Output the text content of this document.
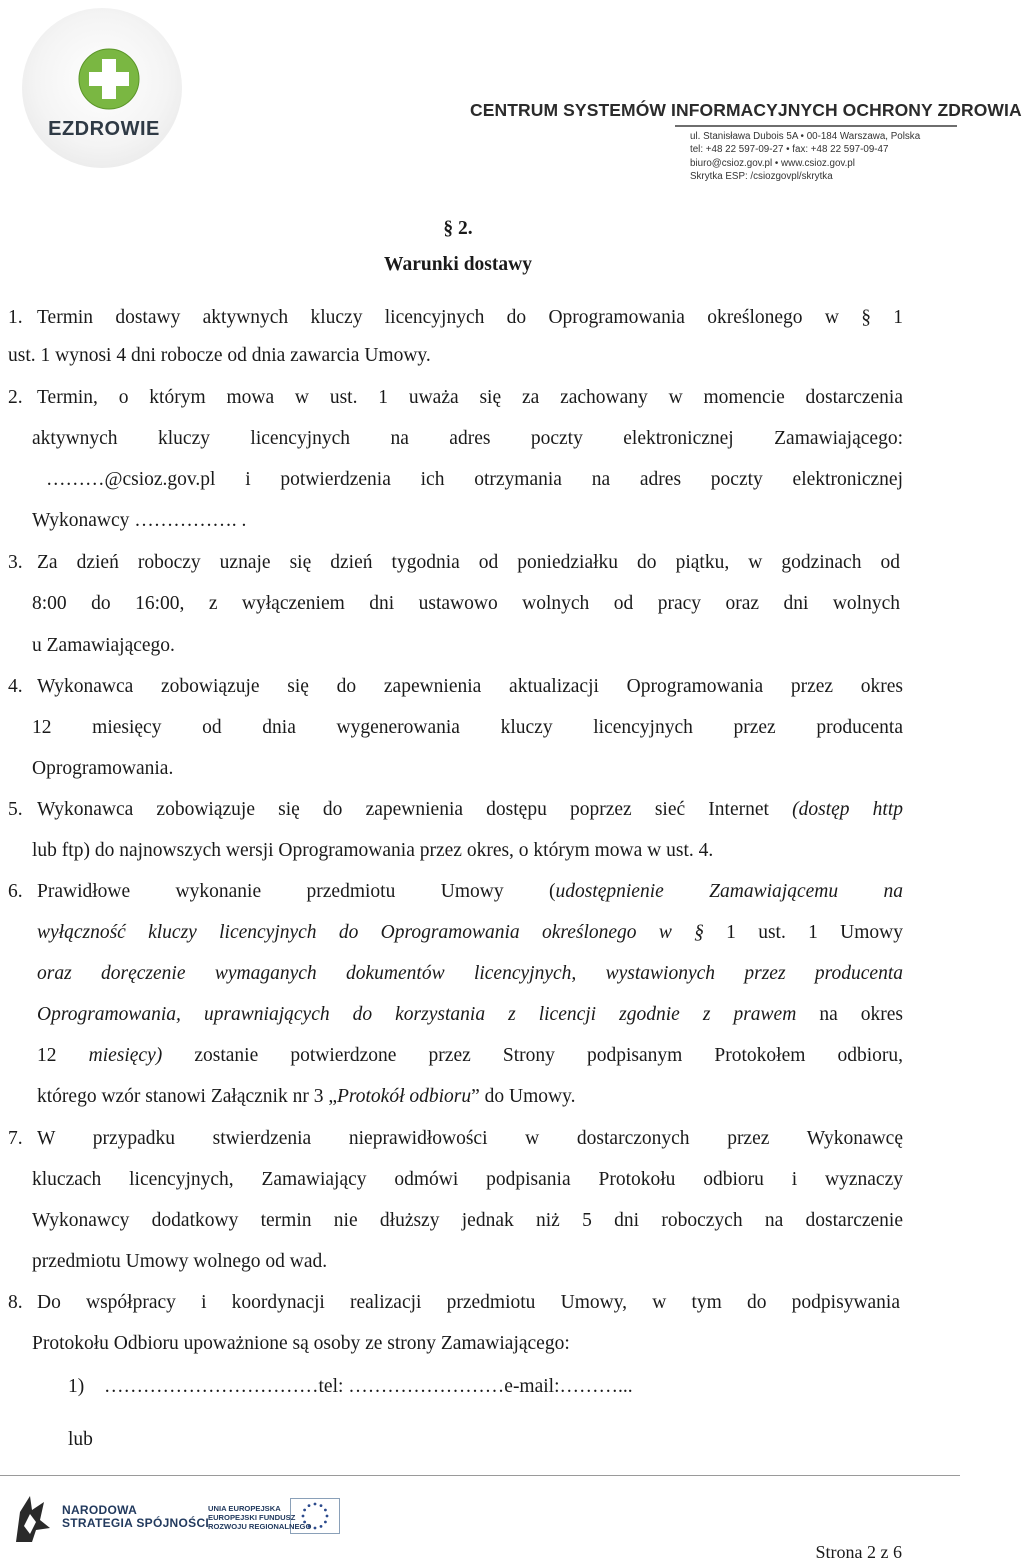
EZDROWIE
CENTRUM SYSTEMÓW INFORMACYJNYCH OCHRONY ZDROWIA
ul. Stanisława Dubois 5A • 00-184 Warszawa, Polska
tel: +48 22 597-09-27 • fax: +48 22 597-09-47
biuro@csioz.gov.pl • www.csioz.gov.pl
Skrytka ESP: /csiozgovpl/skrytka
§ 2.
Warunki dostawy
1. Termin dostawy aktywnych kluczy licencyjnych do Oprogramowania określonego w § 1
ust. 1 wynosi 4 dni robocze od dnia zawarcia Umowy.
2. Termin, o którym mowa w ust. 1 uważa się za zachowany w momencie dostarczenia
aktywnych kluczy licencyjnych na adres poczty elektronicznej Zamawiającego:
………@csioz.gov.pl i potwierdzenia ich otrzymania na adres poczty elektronicznej
Wykonawcy ……………. .
3. Za dzień roboczy uznaje się dzień tygodnia od poniedziałku do piątku, w godzinach od
8:00 do 16:00, z wyłączeniem dni ustawowo wolnych od pracy oraz dni wolnych
u Zamawiającego.
4. Wykonawca zobowiązuje się do zapewnienia aktualizacji Oprogramowania przez okres
12 miesięcy od dnia wygenerowania kluczy licencyjnych przez producenta
Oprogramowania.
5. Wykonawca zobowiązuje się do zapewnienia dostępu poprzez sieć Internet (dostęp http
lub ftp) do najnowszych wersji Oprogramowania przez okres, o którym mowa w ust. 4.
6. Prawidłowe wykonanie przedmiotu Umowy (udostępnienie Zamawiającemu na
wyłączność kluczy licencyjnych do Oprogramowania określonego w § 1 ust. 1 Umowy
oraz doręczenie wymaganych dokumentów licencyjnych, wystawionych przez producenta
Oprogramowania, uprawniających do korzystania z licencji zgodnie z prawem na okres
12 miesięcy) zostanie potwierdzone przez Strony podpisanym Protokołem odbioru,
którego wzór stanowi Załącznik nr 3 „Protokół odbioru” do Umowy.
7. W przypadku stwierdzenia nieprawidłowości w dostarczonych przez Wykonawcę
kluczach licencyjnych, Zamawiający odmówi podpisania Protokołu odbioru i wyznaczy
Wykonawcy dodatkowy termin nie dłuższy jednak niż 5 dni roboczych na dostarczenie
przedmiotu Umowy wolnego od wad.
8. Do współpracy i koordynacji realizacji przedmiotu Umowy, w tym do podpisywania
Protokołu Odbioru upoważnione są osoby ze strony Zamawiającego:
1) ……………………………tel: ……………………e-mail:………...
lub
NARODOWA
STRATEGIA SPÓJNOŚCI
UNIA EUROPEJSKA
EUROPEJSKI FUNDUSZ
ROZWOJU REGIONALNEGO
Strona 2 z 6
